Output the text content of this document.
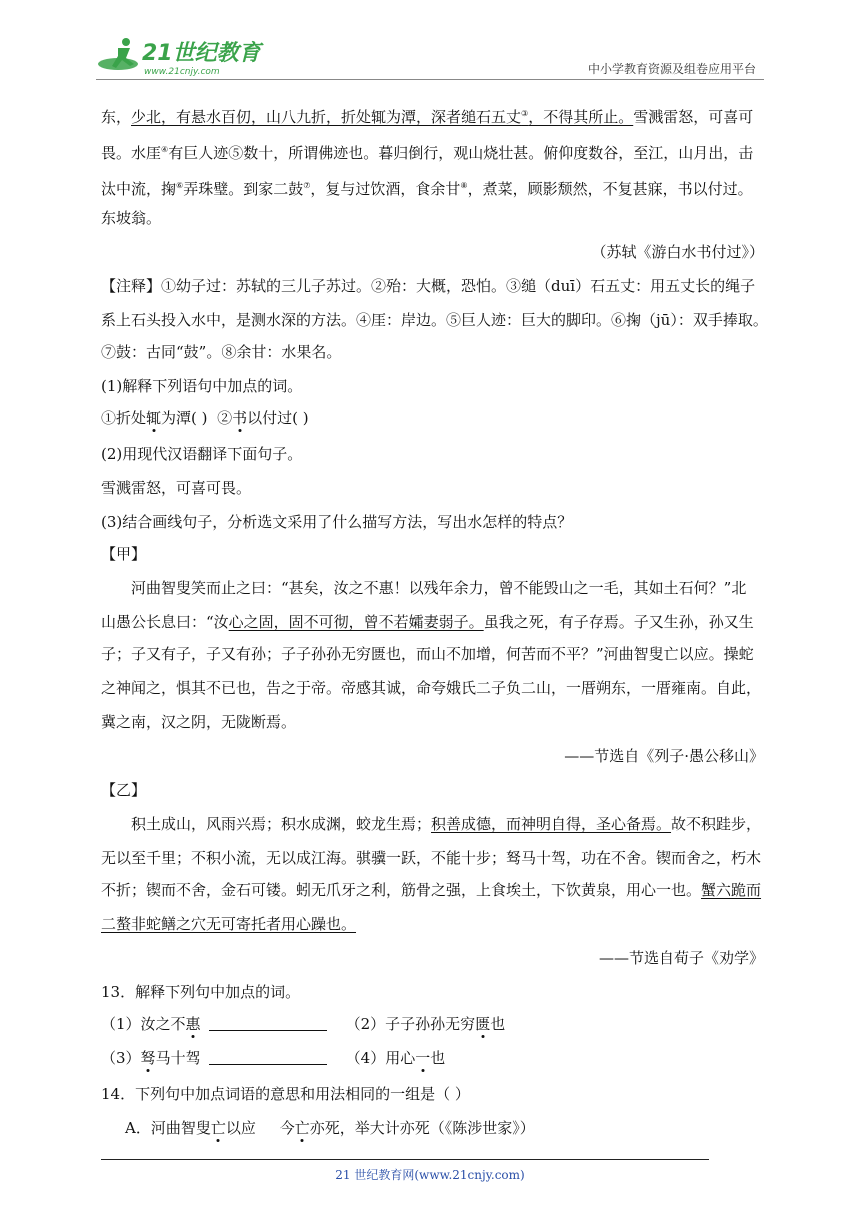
21世纪教育
www.21cnjy.com	中小学教育资源及组卷应用平台
东，少北，有悬水百仞，山八九折，折处辄为潭，深者缒石五丈③，不得其所止。雪溅雷怒，可喜可
畏。水厓④有巨人迹⑤数十，所谓佛迹也。暮归倒行，观山烧壮甚。俯仰度数谷，至江，山月出，击
汰中流，掬⑥弄珠璧。到家二鼓⑦，复与过饮酒，食余甘⑧，煮菜，顾影颓然，不复甚寐，书以付过。
东坡翁。
（苏轼《游白水书付过》）
【注释】①幼子过：苏轼的三儿子苏过。②殆：大概，恐怕。③缒（duī）石五丈：用五丈长的绳子
系上石头投入水中，是测水深的方法。④厓：岸边。⑤巨人迹：巨大的脚印。⑥掬（jū）：双手捧取。
⑦鼓：古同“鼓”。⑧余甘：水果名。
(1)解释下列语句中加点的词。
①折处辄为潭( ) ②书以付过( )
(2)用现代汉语翻译下面句子。
雪溅雷怒，可喜可畏。
(3)结合画线句子，分析选文采用了什么描写方法，写出水怎样的特点？
【甲】
河曲智叟笑而止之曰：“甚矣，汝之不惠！以残年余力，曾不能毁山之一毛，其如土石何？”北
山愚公长息曰：“汝心之固，固不可彻，曾不若孀妻弱子。虽我之死，有子存焉。子又生孙，孙又生
子；子又有子，子又有孙；子子孙孙无穷匮也，而山不加增，何苦而不平？”河曲智叟亡以应。操蛇
之神闻之，惧其不已也，告之于帝。帝感其诚，命夸娥氏二子负二山，一厝朔东，一厝雍南。自此，
冀之南，汉之阴，无陇断焉。
——节选自《列子·愚公移山》
【乙】
积土成山，风雨兴焉；积水成渊，蛟龙生焉；积善成德，而神明自得，圣心备焉。故不积跬步，
无以至千里；不积小流，无以成江海。骐骥一跃，不能十步；驽马十驾，功在不舍。锲而舍之，朽木
不折；锲而不舍，金石可镂。蚓无爪牙之利，筋骨之强，上食埃土，下饮黄泉，用心一也。蟹六跪而
二螯非蛇鳝之穴无可寄托者用心躁也。
——节选自荀子《劝学》
13．解释下列句中加点的词。
（1）汝之不惠	（2）子子孙孙无穷匮也
（3）驽马十驾	（4）用心一也
14．下列句中加点词语的意思和用法相同的一组是（ ）
A．河曲智叟亡以应 今亡亦死，举大计亦死（《陈涉世家》）
21 世纪教育网(www.21cnjy.com)
